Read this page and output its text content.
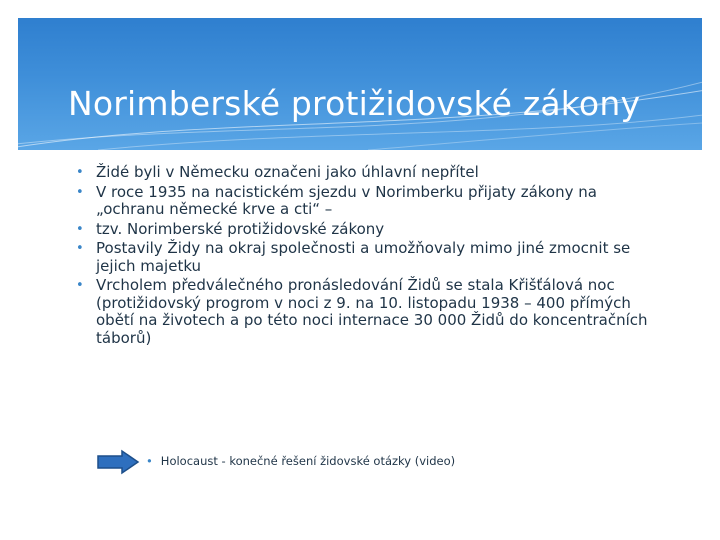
Norimberské protižidovské zákony
• Židé byli v Německu označeni jako úhlavní nepřítel
• V roce 1935 na nacistickém sjezdu v Norimberku přijaty zákony na „ochranu německé krve a cti“ –
• tzv. Norimberské protižidovské zákony
• Postavily Židy na okraj společnosti a umožňovaly mimo jiné zmocnit se jejich majetku
• Vrcholem předválečného pronásledování Židů se stala Křišťálová noc (protižidovský progrom v noci z 9. na 10. listopadu 1938 – 400 přímých obětí na životech a po této noci internace 30 000 Židů do koncentračních táborů)
• Holocaust - konečné řešení židovské otázky (video)
